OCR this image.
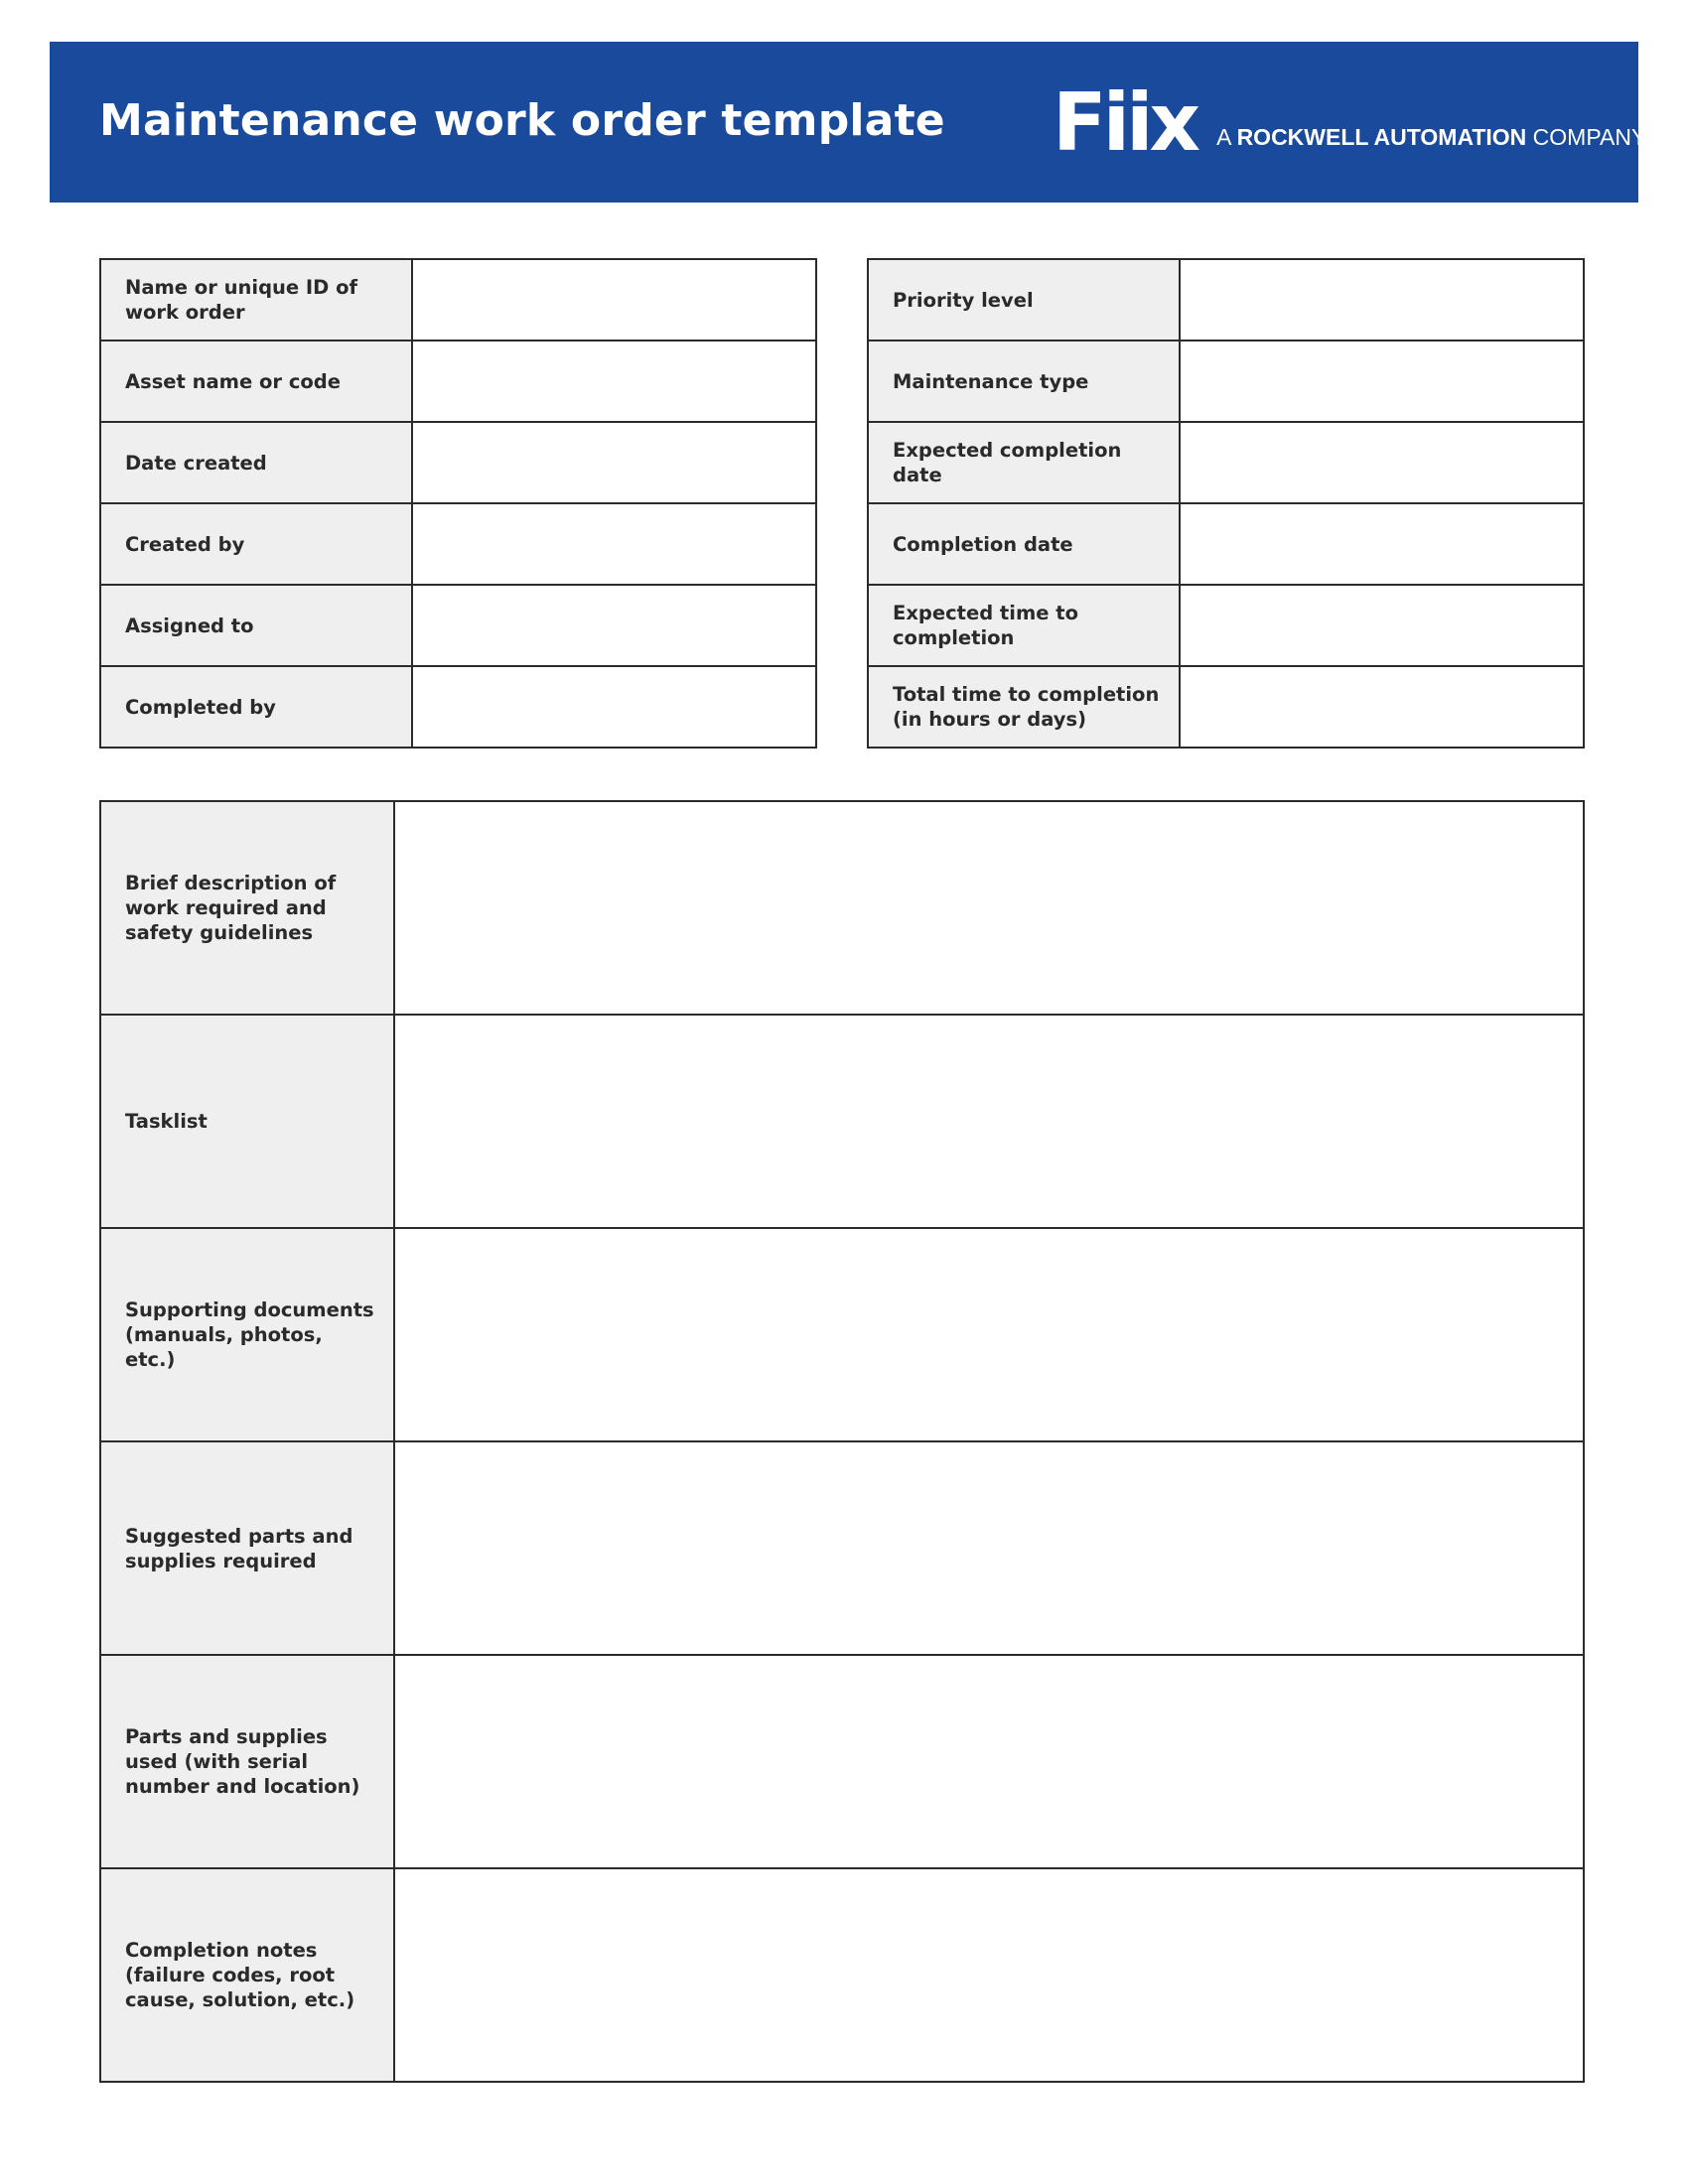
Maintenance work order template Fiix A ROCKWELL AUTOMATION COMPANY
Name or unique ID of work order	
Asset name or code	
Date created	
Created by	
Assigned to	
Completed by	
Priority level	
Maintenance type	
Expected completion date	
Completion date	
Expected time to completion	
Total time to completion (in hours or days)	
Brief description of work required and safety guidelines	
Tasklist	
Supporting documents (manuals, photos, etc.)	
Suggested parts and supplies required	
Parts and supplies used (with serial number and location)	
Completion notes (failure codes, root cause, solution, etc.)	
